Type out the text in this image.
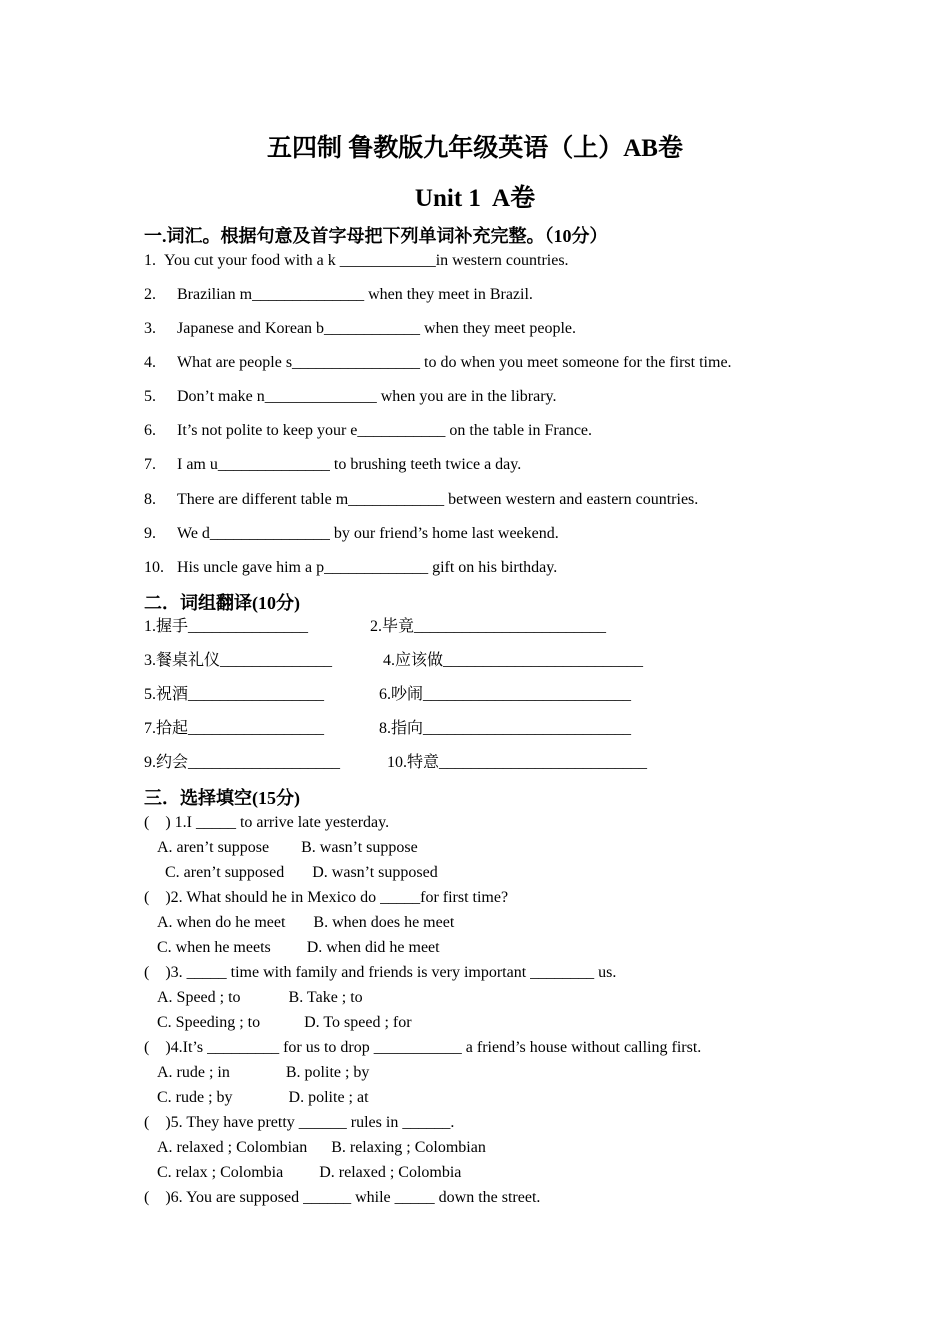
五四制 鲁教版九年级英语（上）AB卷
Unit 1  A卷
一.词汇。根据句意及首字母把下列单词补充完整。（10分）
1. You cut your food with a k ____________in western countries.
2. Brazilian m______________ when they meet in Brazil.
3. Japanese and Korean b____________ when they meet people.
4. What are people s________________ to do when you meet someone for the first time.
5. Don’t make n______________ when you are in the library.
6. It’s not polite to keep your e___________ on the table in France.
7. I am u______________ to brushing teeth twice a day.
8. There are different table m____________ between western and eastern countries.
9. We d_______________ by our friend’s home last weekend.
10. His uncle gave him a p_____________ gift on his birthday.
二．词组翻译(10分)
1.握手_______________	2.毕竟________________________
3.餐桌礼仪______________	4.应该做_________________________
5.祝酒_________________	6.吵闹__________________________
7.拾起_________________	8.指向__________________________
9.约会___________________	10.特意__________________________
三．选择填空(15分)
(    ) 1.I _____ to arrive late yesterday.
A. aren’t suppose        B. wasn’t suppose
C. aren’t supposed       D. wasn’t supposed
(    )2. What should he in Mexico do _____for first time?
A. when do he meet       B. when does he meet
C. when he meets         D. when did he meet
(    )3. _____ time with family and friends is very important ________ us.
A. Speed ; to            B. Take ; to
C. Speeding ; to           D. To speed ; for
(    )4.It’s _________ for us to drop ___________ a friend’s house without calling first.
A. rude ; in              B. polite ; by
C. rude ; by              D. polite ; at
(    )5. They have pretty ______ rules in ______.
A. relaxed ; Colombian      B. relaxing ; Colombian
C. relax ; Colombia         D. relaxed ; Colombia
(    )6. You are supposed ______ while _____ down the street.
